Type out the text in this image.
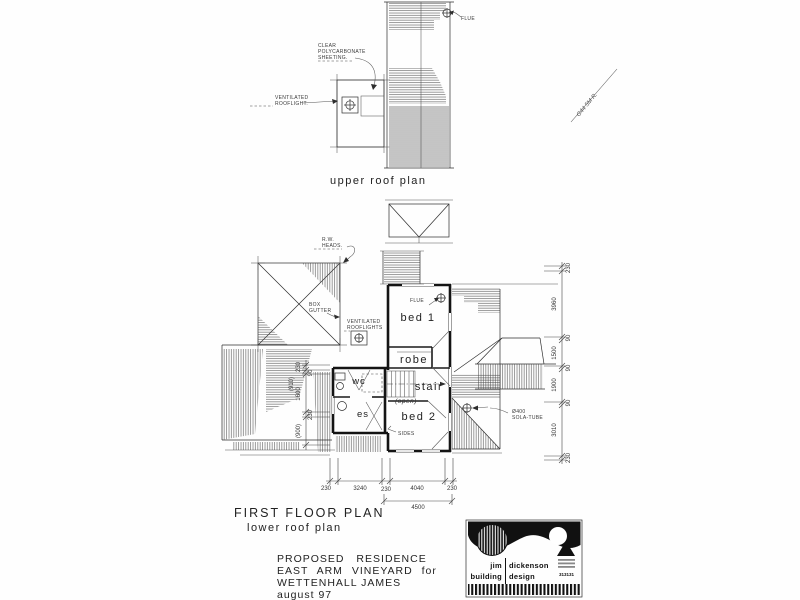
FLUE
CLEAR
POLYCARBONATE
SHEETING.
VENTILATED
ROOFLIGHT.	G44 5M R.
upper roof plan
Ø400
SOLA-TUBE
FLUE
VENTILATED
ROOFLIGHTS
BOX
GUTTER
R.W.
HEADS.
SIDES
bed 1
robe
stair
(open)
bed 2
wc
es
230
3960
90
1500
90
1900
90
3010
230
230	3240 230	4040	230
4500
230
90
(910)
1600
230
(900)
FIRST FLOOR PLAN
lower roof plan
PROPOSED RESIDENCE
EAST ARM VINEYARD for
WETTENHALL JAMES
august 97
jim dickenson
building design	313131
